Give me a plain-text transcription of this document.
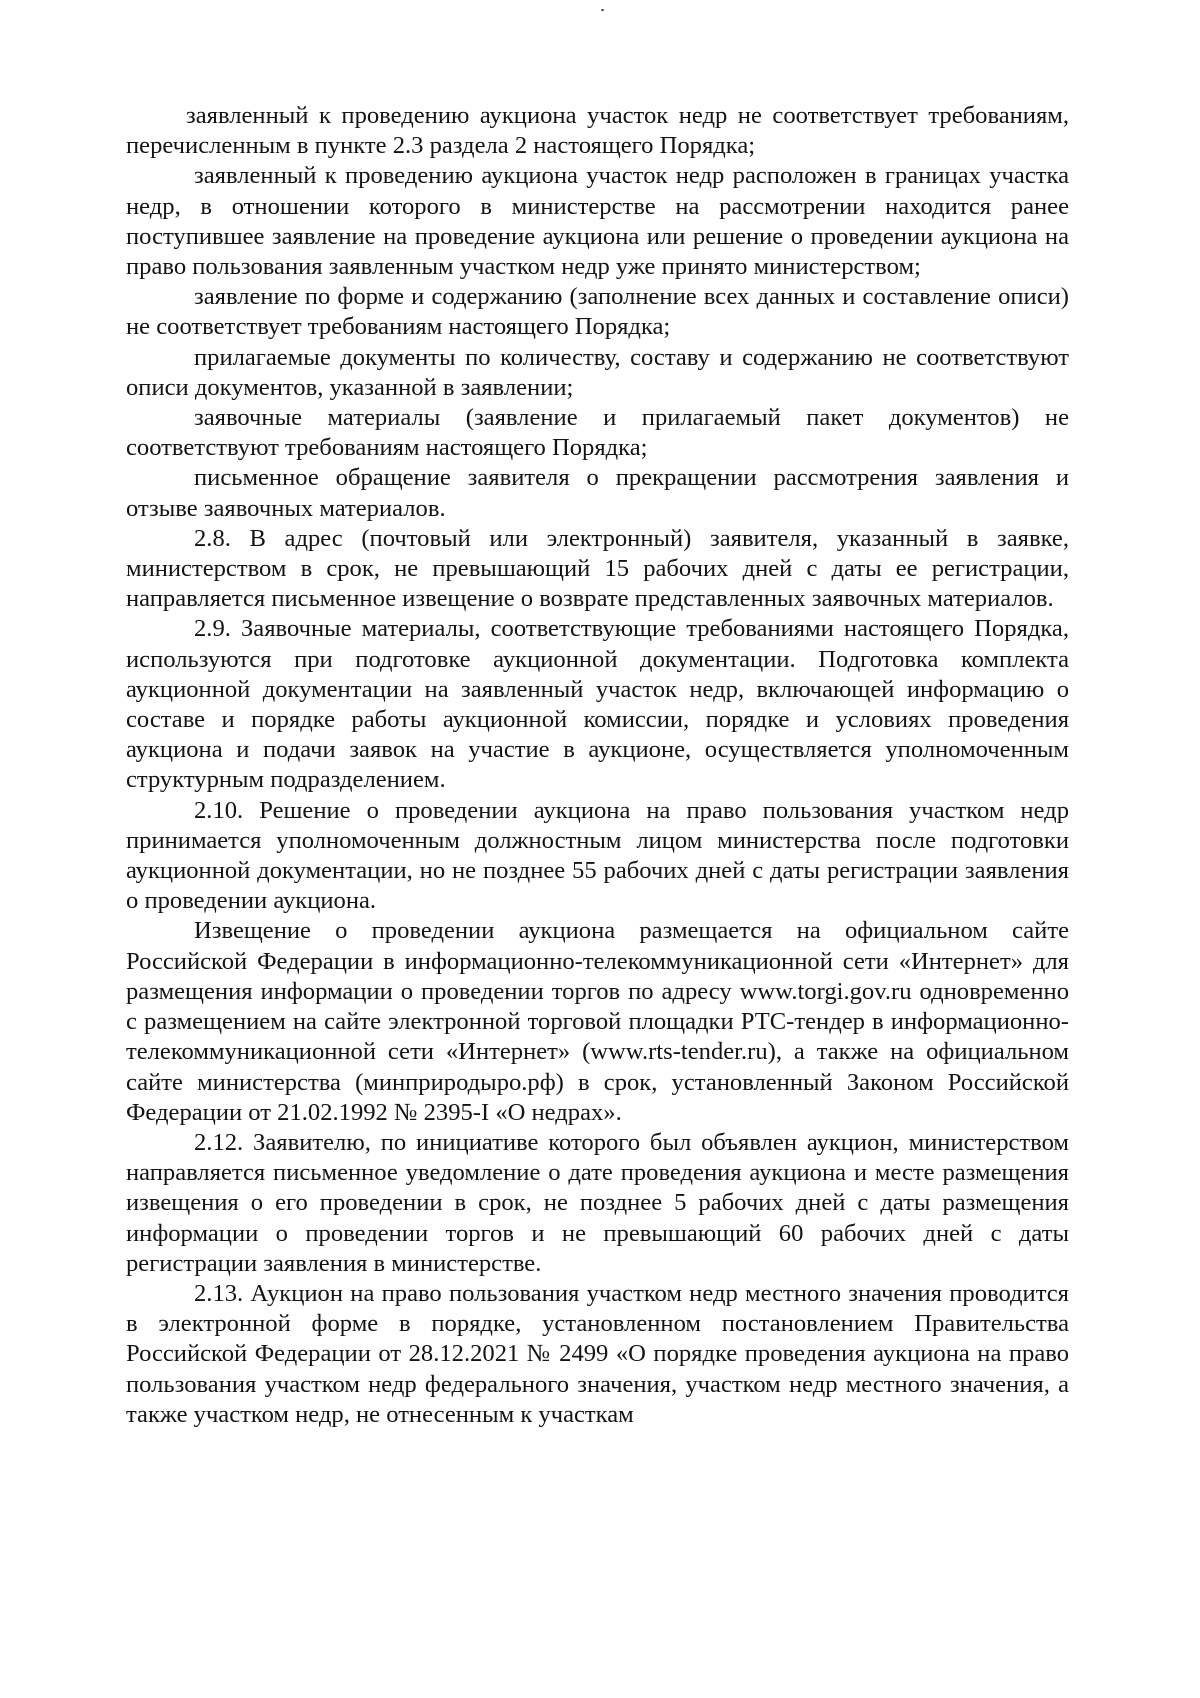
заявленный к проведению аукциона участок недр не соответствует требованиям, перечисленным в пункте 2.3 раздела 2 настоящего Порядка;

заявленный к проведению аукциона участок недр расположен в границах участка недр, в отношении которого в министерстве на рассмотрении находится ранее поступившее заявление на проведение аукциона или решение о проведении аукциона на право пользования заявленным участком недр уже принято министерством;

заявление по форме и содержанию (заполнение всех данных и составление описи) не соответствует требованиям настоящего Порядка;

прилагаемые документы по количеству, составу и содержанию не соответствуют описи документов, указанной в заявлении;

заявочные материалы (заявление и прилагаемый пакет документов) не соответствуют требованиям настоящего Порядка;

письменное обращение заявителя о прекращении рассмотрения заявления и отзыве заявочных материалов.

2.8. В адрес (почтовый или электронный) заявителя, указанный в заявке, министерством в срок, не превышающий 15 рабочих дней с даты ее регистрации, направляется письменное извещение о возврате представленных заявочных материалов.

2.9. Заявочные материалы, соответствующие требованиями настоящего Порядка, используются при подготовке аукционной документации. Подготовка комплекта аукционной документации на заявленный участок недр, включающей информацию о составе и порядке работы аукционной комиссии, порядке и условиях проведения аукциона и подачи заявок на участие в аукционе, осуществляется уполномоченным структурным подразделением.

2.10. Решение о проведении аукциона на право пользования участком недр принимается уполномоченным должностным лицом министерства после подготовки аукционной документации, но не позднее 55 рабочих дней с даты регистрации заявления о проведении аукциона.

Извещение о проведении аукциона размещается на официальном сайте Российской Федерации в информационно-телекоммуникационной сети «Интернет» для размещения информации о проведении торгов по адресу www.torgi.gov.ru одновременно с размещением на сайте электронной торговой площадки РТС-тендер в информационно-телекоммуникационной сети «Интернет» (www.rts-tender.ru), а также на официальном сайте министерства (минприродыро.рф) в срок, установленный Законом Российской Федерации от 21.02.1992 № 2395-I «О недрах».

2.12. Заявителю, по инициативе которого был объявлен аукцион, министерством направляется письменное уведомление о дате проведения аукциона и месте размещения извещения о его проведении в срок, не позднее 5 рабочих дней с даты размещения информации о проведении торгов и не превышающий 60 рабочих дней с даты регистрации заявления в министерстве.

2.13. Аукцион на право пользования участком недр местного значения проводится в электронной форме в порядке, установленном постановлением Правительства Российской Федерации от 28.12.2021 № 2499 «О порядке проведения аукциона на право пользования участком недр федерального значения, участком недр местного значения, а также участком недр, не отнесенным к участкам
